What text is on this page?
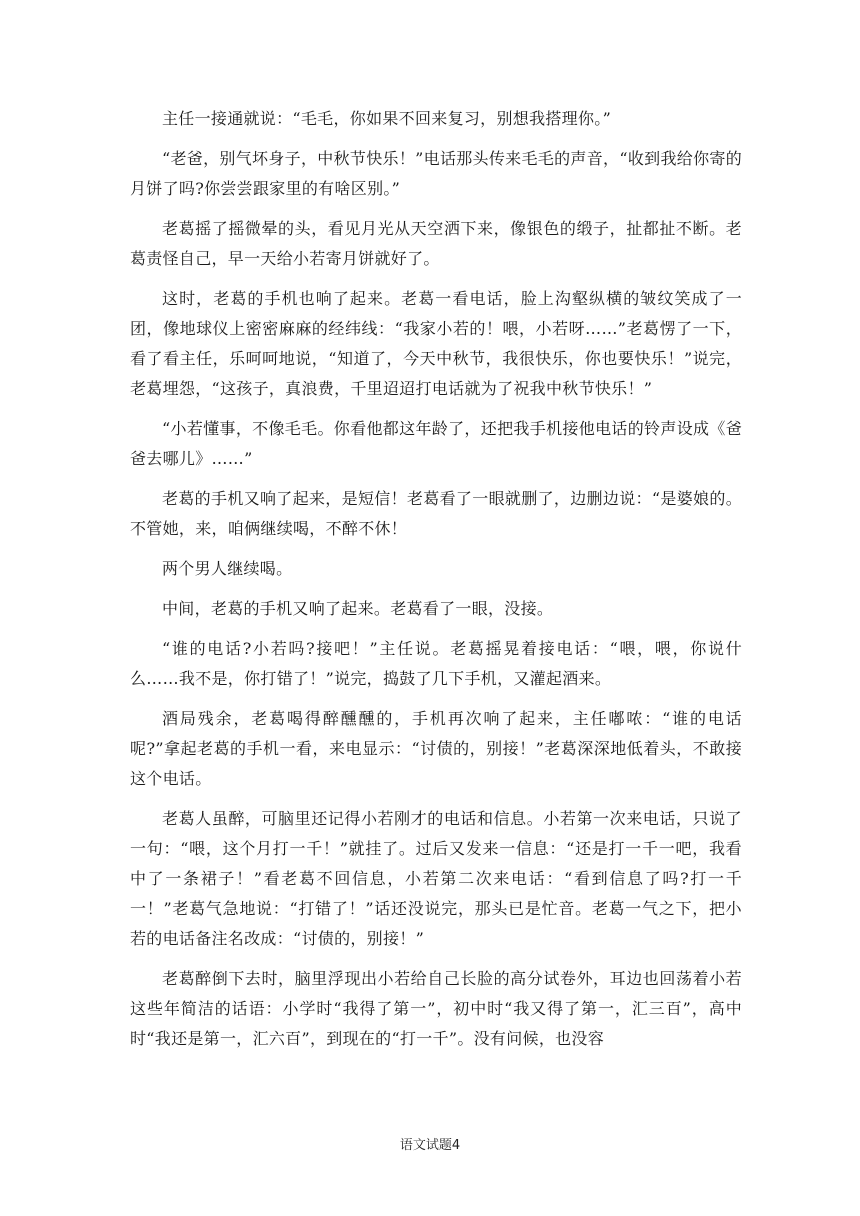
主任一接通就说：“毛毛，你如果不回来复习，别想我搭理你。”

“老爸，别气坏身子，中秋节快乐！”电话那头传来毛毛的声音，“收到我给你寄的月饼了吗?你尝尝跟家里的有啥区别。”

老葛摇了摇微晕的头，看见月光从天空洒下来，像银色的缎子，扯都扯不断。老葛责怪自己，早一天给小若寄月饼就好了。

这时，老葛的手机也响了起来。老葛一看电话，脸上沟壑纵横的皱纹笑成了一团，像地球仪上密密麻麻的经纬线：“我家小若的！喂，小若呀……”老葛愣了一下，看了看主任，乐呵呵地说，“知道了，今天中秋节，我很快乐，你也要快乐！”说完，老葛埋怨，“这孩子，真浪费，千里迢迢打电话就为了祝我中秋节快乐！”

“小若懂事，不像毛毛。你看他都这年龄了，还把我手机接他电话的铃声设成《爸爸去哪儿》……”

老葛的手机又响了起来，是短信！老葛看了一眼就删了，边删边说：“是婆娘的。不管她，来，咱俩继续喝，不醉不休！

两个男人继续喝。

中间，老葛的手机又响了起来。老葛看了一眼，没接。

“谁的电话?小若吗?接吧！”主任说。老葛摇晃着接电话：“喂，喂，你说什么……我不是，你打错了！”说完，捣鼓了几下手机，又灌起酒来。

酒局残余，老葛喝得醉醺醺的，手机再次响了起来，主任嘟哝：“谁的电话呢?”拿起老葛的手机一看，来电显示：“讨债的，别接！”老葛深深地低着头，不敢接这个电话。

老葛人虽醉，可脑里还记得小若刚才的电话和信息。小若第一次来电话，只说了一句：“喂，这个月打一千！”就挂了。过后又发来一信息：“还是打一千一吧，我看中了一条裙子！”看老葛不回信息，小若第二次来电话：“看到信息了吗?打一千一！”老葛气急地说：“打错了！”话还没说完，那头已是忙音。老葛一气之下，把小若的电话备注名改成：“讨债的，别接！”

老葛醉倒下去时，脑里浮现出小若给自己长脸的高分试卷外，耳边也回荡着小若这些年简洁的话语：小学时“我得了第一”，初中时“我又得了第一，汇三百”，高中时“我还是第一，汇六百”，到现在的“打一千”。没有问候，也没容

语文试题4
